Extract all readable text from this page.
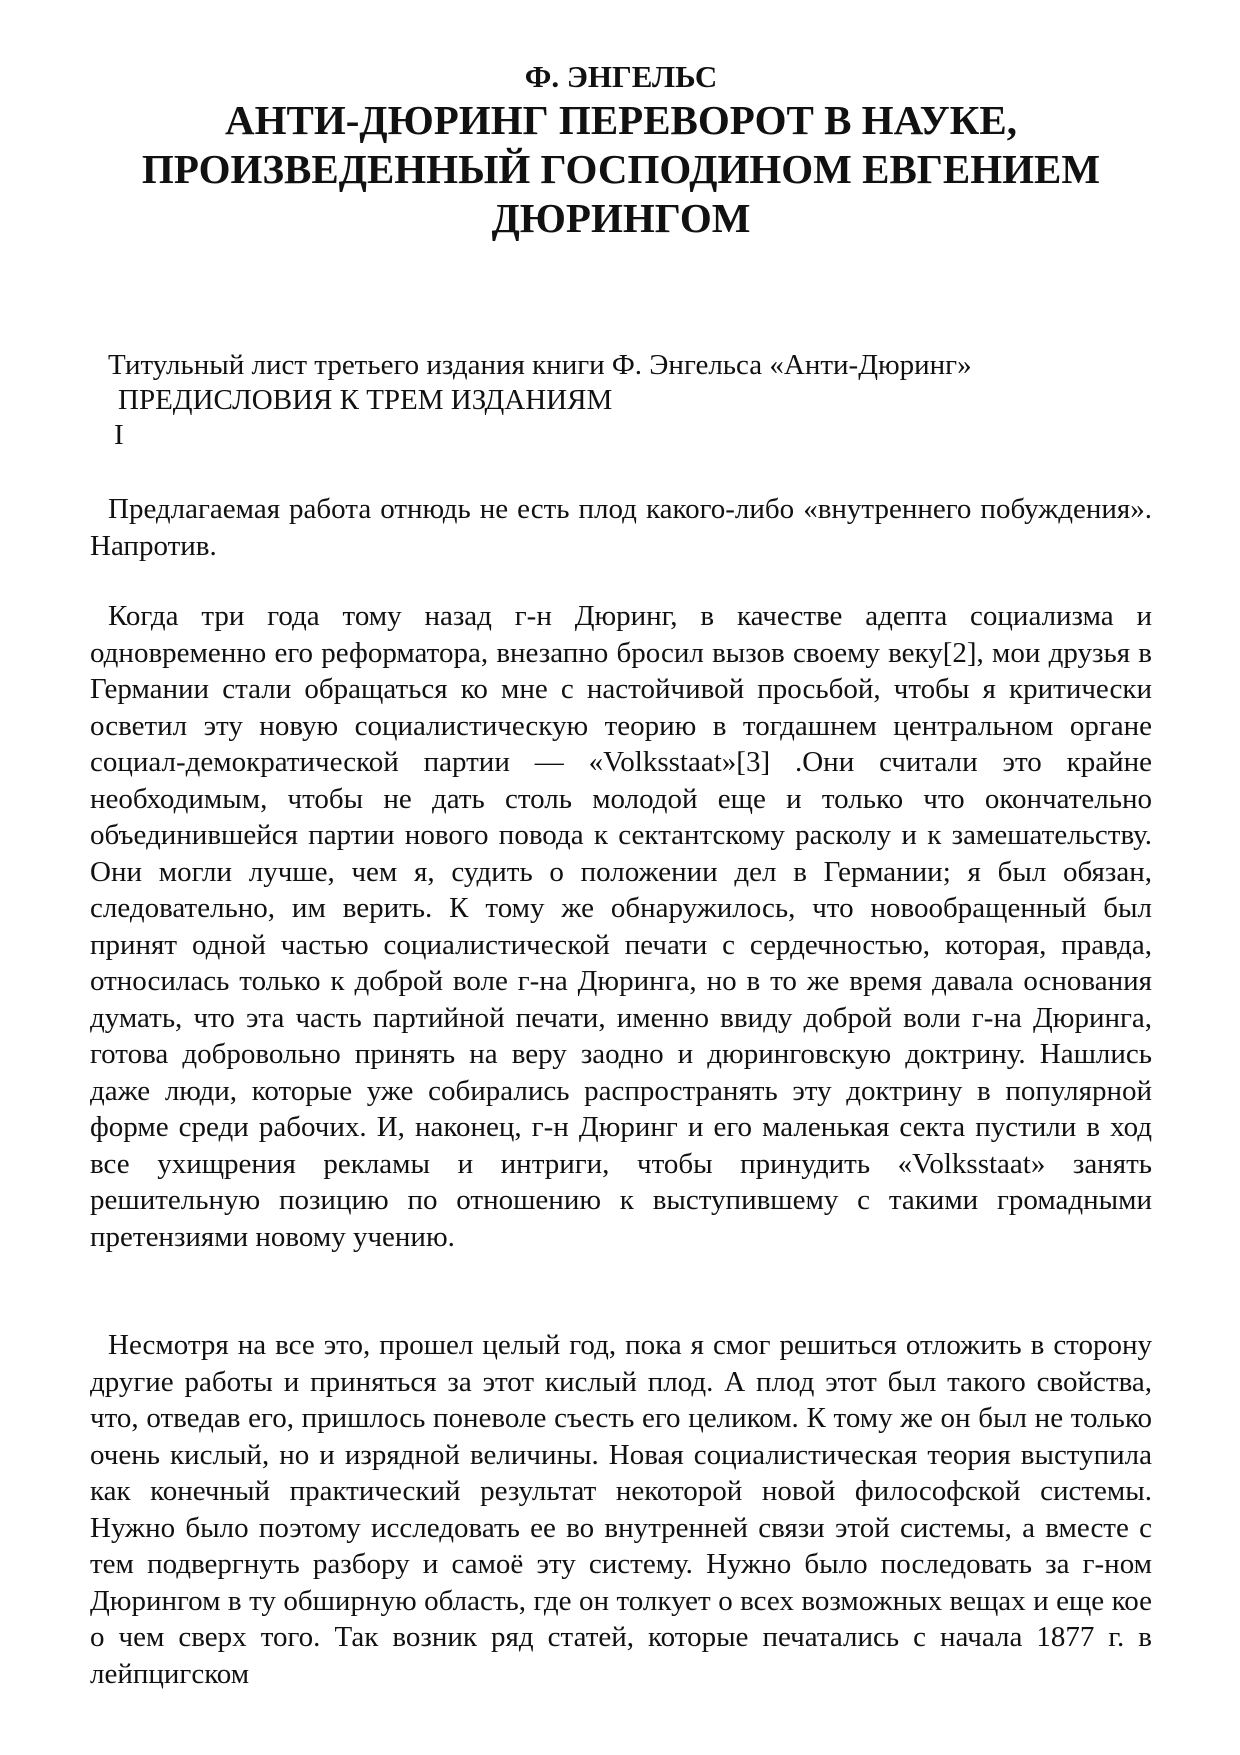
Ф. ЭНГЕЛЬС
АНТИ-ДЮРИНГ ПЕРЕВОРОТ В НАУКЕ,
ПРОИЗВЕДЕННЫЙ ГОСПОДИНОМ ЕВГЕНИЕМ
ДЮРИНГОМ
Титульный лист третьего издания книги Ф. Энгельса «Анти-Дюринг»
ПРЕДИСЛОВИЯ К ТРЕМ ИЗДАНИЯМ
I

Предлагаемая работа отнюдь не есть плод какого-либо «внутреннего побуждения». Напротив.

Когда три года тому назад г-н Дюринг, в качестве адепта социализма и одновременно его реформатора, внезапно бросил вызов своему веку[2], мои друзья в Германии стали обращаться ко мне с настойчивой просьбой, чтобы я критически осветил эту новую социалистическую теорию в тогдашнем центральном органе социал-демократической партии — «Volksstaat»[3] .Они считали это крайне необходимым, чтобы не дать столь молодой еще и только что окончательно объединившейся партии нового повода к сектантскому расколу и к замешательству. Они могли лучше, чем я, судить о положении дел в Германии; я был обязан, следовательно, им верить. К тому же обнаружилось, что новообращенный был принят одной частью социалистической печати с сердечностью, которая, правда, относилась только к доброй воле г-на Дюринга, но в то же время давала основания думать, что эта часть партийной печати, именно ввиду доброй воли г-на Дюринга, готова добровольно принять на веру заодно и дюринговскую доктрину. Нашлись даже люди, которые уже собирались распространять эту доктрину в популярной форме среди рабочих. И, наконец, г-н Дюринг и его маленькая секта пустили в ход все ухищрения рекламы и интриги, чтобы принудить «Volksstaat» занять решительную позицию по отношению к выступившему с такими громадными претензиями новому учению.

Несмотря на все это, прошел целый год, пока я смог решиться отложить в сторону другие работы и приняться за этот кислый плод. А плод этот был такого свойства, что, отведав его, пришлось поневоле съесть его целиком. К тому же он был не только очень кислый, но и изрядной величины. Новая социалистическая теория выступила как конечный практический результат некоторой новой философской системы. Нужно было поэтому исследовать ее во внутренней связи этой системы, а вместе с тем подвергнуть разбору и самоё эту систему. Нужно было последовать за г-ном Дюрингом в ту обширную область, где он толкует о всех возможных вещах и еще кое о чем сверх того. Так возник ряд статей, которые печатались с начала 1877 г. в лейпцигском
